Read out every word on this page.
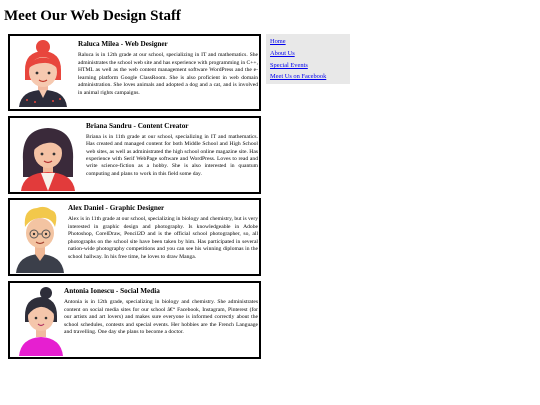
Meet Our Web Design Staff

Raluca Milea - Web Designer

Raluca is in 12th grade at our school, specializing in IT and mathematics. She administrates the school web site and has experience with programming in C++, HTML as well as the web content management software WordPress and the e-learning platform Google ClassRoom. She is also proficient in web domain administration. She loves animals and adopted a dog and a cat, and is involved in animal rights campaigns.

Briana Sandru - Content Creator

Briana is in 11th grade at our school, specializing in IT and mathematics. Has created and managed content for both Middle School and High School web sites, as well as administrated the high school online magazine site. Has experience with Serif WebPage software and WordPress. Loves to read and write science-fiction as a hobby. She is also interested in quantum computing and plans to work in this field some day.

Alex Daniel - Graphic Designer

Alex is in 11th grade at our school, specializing in biology and chemistry, but is very interested in graphic design and photography. Is knowledgeable in Adobe Photoshop, CorelDraw, Pencil2D and is the official school photographer, so, all photographs on the school site have been taken by him. Has participated in several nation-wide photography competitions and you can see his winning diplomas in the school hallway. In his free time, he loves to draw Manga.

Antonia Ionescu - Social Media

Antonia is in 12th grade, specializing in biology and chemistry. She administrates content on social media sites for our school â€“ Facebook, Instagram, Pinterest (for our artists and art lovers) and makes sure everyone is informed correctly about the school schedules, contests and special events. Her hobbies are the French Language and travelling. One day she plans to become a doctor.

Home
About Us
Special Events
Meet Us on Facebook
